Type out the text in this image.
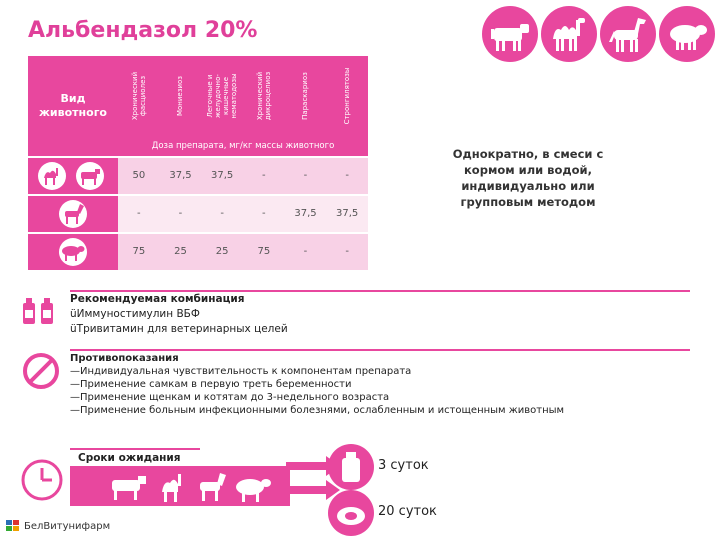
Альбендазол 20%
Вид животного	Хронический фасциолез	Мониезиоз	Легочные и желудочно-кишечные нематодозы	Хронический дикроцелиоз	Параскариоз	Стронгилятозы
Доза препарата, мг/кг массы животного
50	37,5	37,5	-	-	-
-	-	-	-	37,5	37,5
75	25	25	75	-	-
Однократно, в смеси с кормом или водой, индивидуально или групповым методом
Рекомендуемая комбинация
üИммуностимулин ВБФ
üТривитамин для ветеринарных целей
Противопоказания
—Индивидуальная чувствительность к компонентам препарата
—Применение самкам в первую треть беременности
—Применение щенкам и котятам до 3-недельного возраста
—Применение больным инфекционными болезнями, ослабленным и истощенным животным
Сроки ожидания	3 суток
20 суток
БелВитунифарм
